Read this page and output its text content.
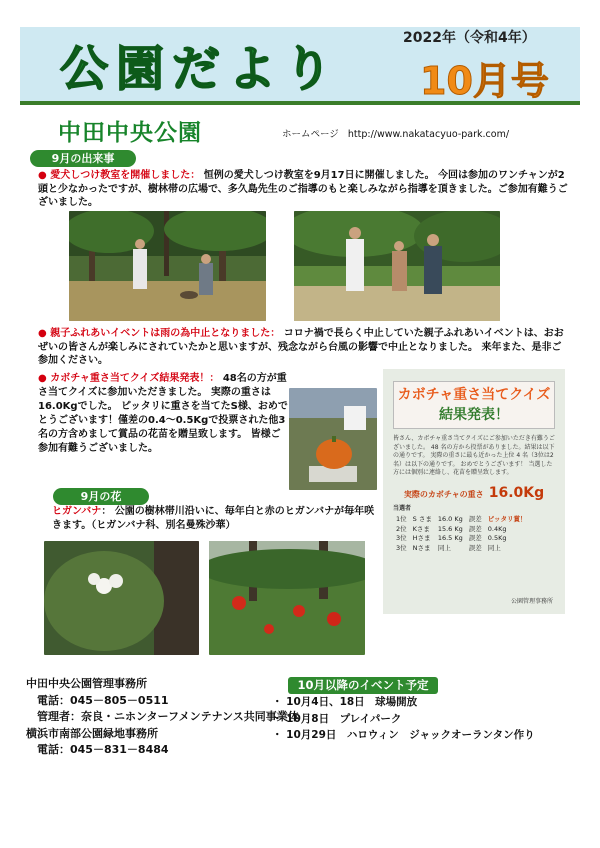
公園だより
2022年（令和4年）
10月号
中田中央公園	ホームページ http://www.nakatacyuo-park.com/
9月の出来事
● 愛犬しつけ教室を開催しました： 恒例の愛犬しつけ教室を9月17日に開催しました。 今回は参加のワンチャンが2頭と少なかったですが、樹林帯の広場で、多久島先生のご指導のもと楽しみながら指導を頂きました。ご参加有難うございました。
● 親子ふれあいイベントは雨の為中止となりました： コロナ禍で長らく中止していた親子ふれあいイベントは、おおぜいの皆さんが楽しみにされていたかと思いますが、残念ながら台風の影響で中止となりました。 来年また、是非ご参加ください。
● カボチャ重さ当てクイズ結果発表！： 48名の方が重さ当てクイズに参加いただきました。 実際の重さは16.0Kgでした。 ピッタリに重さを当てたS様、おめでとうございます！僅差の0.4～0.5Kgで投票された他3名の方含めまして賞品の花苗を贈呈致します。 皆様ご参加有難うございました。
カボチャ重さ当てクイズ
結果発表！
皆さん、カボチャ重さ当てクイズにご参加いただき有難うございました。 48 名の方から投票がありました。結果は以下の通りです。 実際の重さに最も近かった上位 4 名（3位は2名）は以下の通りです。 おめでとうございます！ 当選した方には個別に連絡し、花苗を贈呈致します。
実際のカボチャの重さ 16.0Kg
当選者
1位	S さま	16.0 Kg	誤差	ピッタリ賞！
2位	Kさま	15.6 Kg	誤差	0.4Kg
3位	Hさま	16.5 Kg	誤差	0.5Kg
3位	Nさま	同上	誤差	同上
公園管理事務所
9月の花
ヒガンバナ： 公園の樹林帯川沿いに、毎年白と赤のヒガンバナが毎年咲きます。（ヒガンバナ科、別名曼殊沙華）
中田中央公園管理事務所
電話：045－805－0511
管理者：奈良・ニホンターフメンテナンス共同事業体
横浜市南部公園緑地事務所
電話：045－831－8484
10月以降のイベント予定
・ 10月4日、18日　球場開放
・ 10月8日　プレイパーク
・ 10月29日　ハロウィン　ジャックオーランタン作り
